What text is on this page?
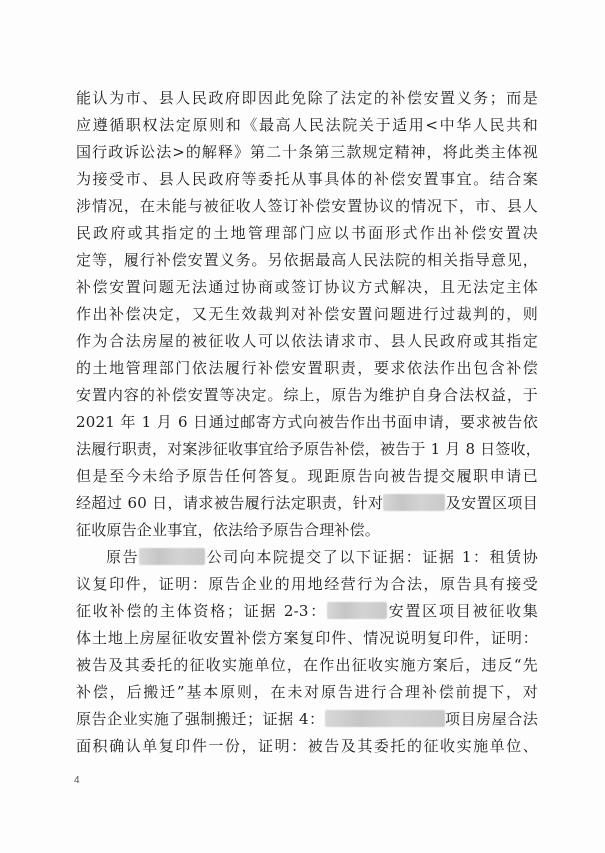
能认为市、县人民政府即因此免除了法定的补偿安置义务；而是
应遵循职权法定原则和《最高人民法院关于适用<中华人民共和
国行政诉讼法>的解释》第二十条第三款规定精神，将此类主体视
为接受市、县人民政府等委托从事具体的补偿安置事宜。结合案
涉情况，在未能与被征收人签订补偿安置协议的情况下，市、县人
民政府或其指定的土地管理部门应以书面形式作出补偿安置决
定等，履行补偿安置义务。另依据最高人民法院的相关指导意见，
补偿安置问题无法通过协商或签订协议方式解决，且无法定主体
作出补偿决定，又无生效裁判对补偿安置问题进行过裁判的，则
作为合法房屋的被征收人可以依法请求市、县人民政府或其指定
的土地管理部门依法履行补偿安置职责，要求依法作出包含补偿
安置内容的补偿安置等决定。综上，原告为维护自身合法权益，于
2021 年 1 月 6 日通过邮寄方式向被告作出书面申请，要求被告依
法履行职责，对案涉征收事宜给予原告补偿，被告于 1 月 8 日签收，
但是至今未给予原告任何答复。现距原告向被告提交履职申请已
经超过 60 日，请求被告履行法定职责，针对	及安置区项目
征收原告企业事宜，依法给予原告合理补偿。
原告	公司向本院提交了以下证据：证据 1：租赁协
议复印件，证明：原告企业的用地经营行为合法，原告具有接受
征收补偿的主体资格；证据 2-3：	安置区项目被征收集
体土地上房屋征收安置补偿方案复印件、情况说明复印件，证明：
被告及其委托的征收实施单位，在作出征收实施方案后，违反“先
补偿，后搬迁”基本原则，在未对原告进行合理补偿前提下，对
原告企业实施了强制搬迁；证据 4：	项目房屋合法
面积确认单复印件一份，证明：被告及其委托的征收实施单位、
4
